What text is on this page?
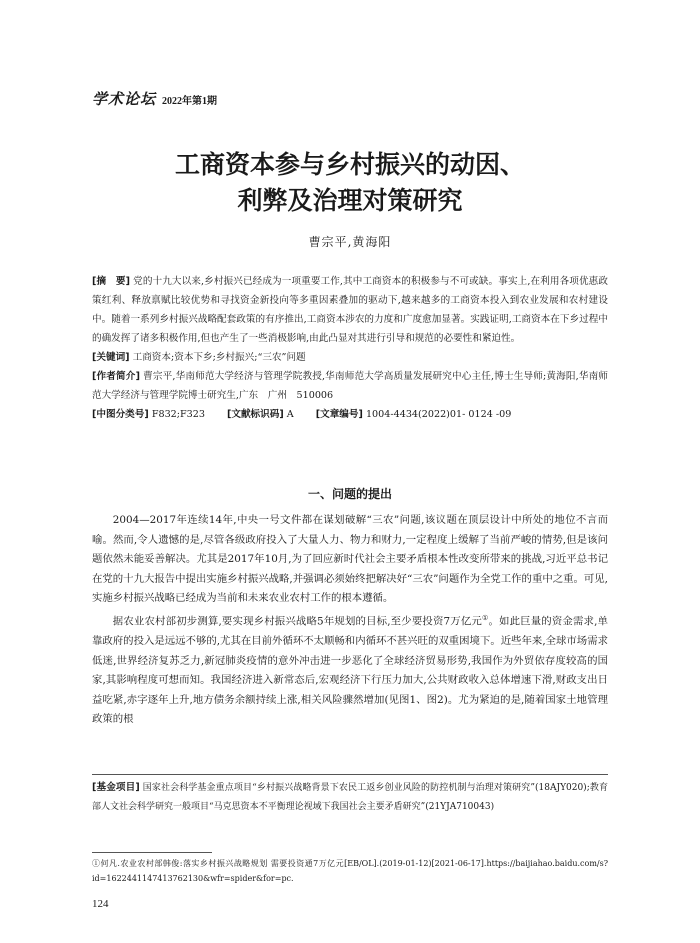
学术论坛 2022年第1期
工商资本参与乡村振兴的动因、
利弊及治理对策研究
曹宗平,黄海阳

[摘　要] 党的十九大以来,乡村振兴已经成为一项重要工作,其中工商资本的积极参与不可或缺。事实上,在利用各项优惠政策红利、释放禀赋比较优势和寻找资金新投向等多重因素叠加的驱动下,越来越多的工商资本投入到农业发展和农村建设中。随着一系列乡村振兴战略配套政策的有序推出,工商资本涉农的力度和广度愈加显著。实践证明,工商资本在下乡过程中的确发挥了诸多积极作用,但也产生了一些消极影响,由此凸显对其进行引导和规范的必要性和紧迫性。

[关键词] 工商资本;资本下乡;乡村振兴;“三农”问题

[作者简介] 曹宗平,华南师范大学经济与管理学院教授,华南师范大学高质量发展研究中心主任,博士生导师;黄海阳,华南师范大学经济与管理学院博士研究生,广东　广州　510006

[中图分类号] F832;F323 [文献标识码] A [文章编号] 1004-4434(2022)01- 0124 -09

一、问题的提出

2004—2017年连续14年,中央一号文件都在谋划破解“三农”问题,该议题在顶层设计中所处的地位不言而喻。然而,令人遗憾的是,尽管各级政府投入了大量人力、物力和财力,一定程度上缓解了当前严峻的情势,但是该问题依然未能妥善解决。尤其是2017年10月,为了回应新时代社会主要矛盾根本性改变所带来的挑战,习近平总书记在党的十九大报告中提出实施乡村振兴战略,并强调必须始终把解决好“三农”问题作为全党工作的重中之重。可见,实施乡村振兴战略已经成为当前和未来农业农村工作的根本遵循。

据农业农村部初步测算,要实现乡村振兴战略5年规划的目标,至少要投资7万亿元①。如此巨量的资金需求,单靠政府的投入是远远不够的,尤其在目前外循环不太顺畅和内循环不甚兴旺的双重困境下。近些年来,全球市场需求低迷,世界经济复苏乏力,新冠肺炎疫情的意外冲击进一步恶化了全球经济贸易形势,我国作为外贸依存度较高的国家,其影响程度可想而知。我国经济进入新常态后,宏观经济下行压力加大,公共财政收入总体增速下滑,财政支出日益吃紧,赤字逐年上升,地方债务余额持续上涨,相关风险骤然增加(见图1、图2)。尤为紧迫的是,随着国家土地管理政策的根

[基金项目] 国家社会科学基金重点项目“乡村振兴战略背景下农民工返乡创业风险的防控机制与治理对策研究”(18AJY020);教育部人文社会科学研究一般项目“马克思资本不平衡理论视域下我国社会主要矛盾研究”(21YJA710043)
①何凡.农业农村部韩俊:落实乡村振兴战略规划 需要投资通7万亿元[EB/OL].(2019-01-12)[2021-06-17].https://baijiahao.baidu.com/s?id=1622441147413762130&wfr=spider&for=pc.
124
